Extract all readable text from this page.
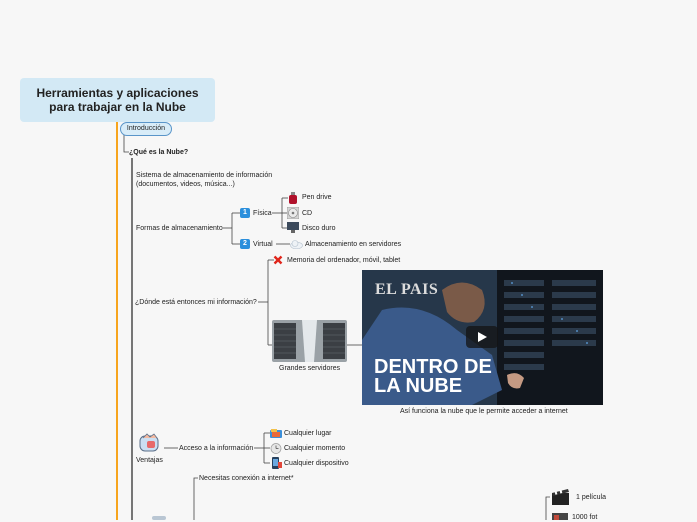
Herramientas y aplicaciones
para trabajar en la Nube
Introducción
¿Qué es la Nube?
Sistema de almacenamiento de información
(documentos, videos, música...)
Formas de almacenamiento
1 Física
2 Virtual
Pen drive
CD
Disco duro
Almacenamiento en servidores
¿Dónde está entonces mi información?
Memoria del ordenador, móvil, tablet
Grandes servidores
EL PAIS
DENTRO DE
LA NUBE
Así funciona la nube que le permite acceder a internet
Ventajas
Acceso a la información
Cualquier lugar
Cualquier momento
Cualquier dispositivo
Necesitas conexión a internet*
1 película
1000 fot
